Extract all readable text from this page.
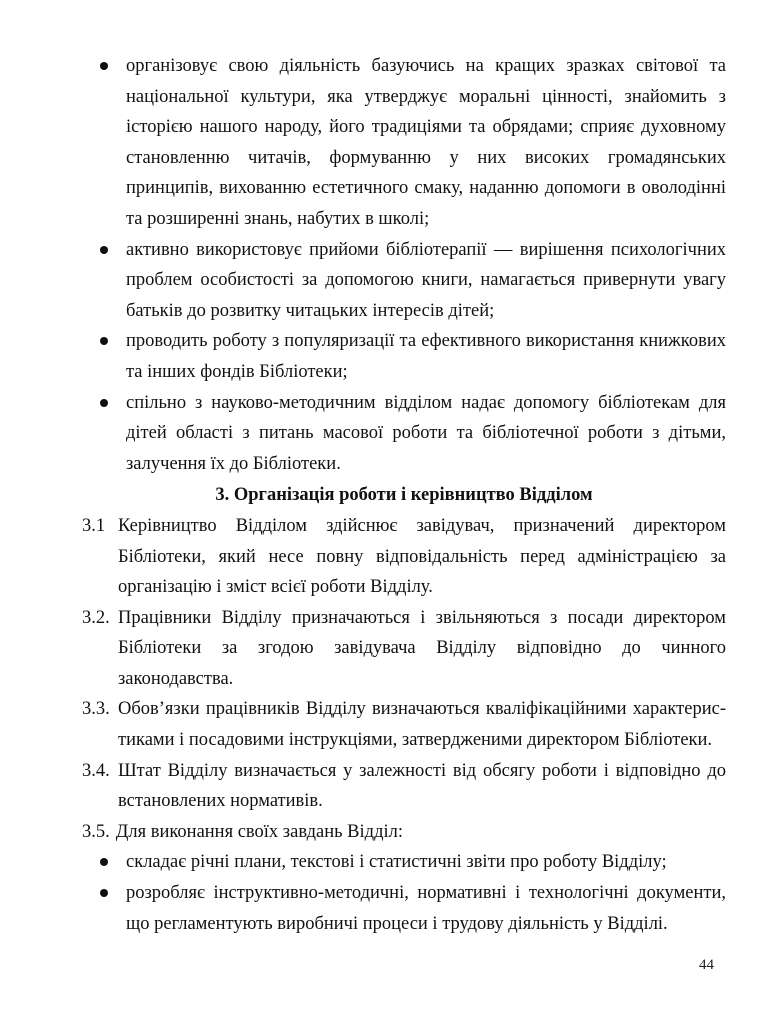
організовує свою діяльність базуючись на кращих зразках світової та національної культури, яка утверджує моральні цінності, знайомить з історією нашого народу, його традиціями та обрядами; сприяє духовному становленню читачів, формуванню у них високих громадянських принципів, вихованню естетичного смаку, наданню допомоги в оволодінні та розширенні знань, набутих в школі;
активно використовує прийоми бібліотерапії — вирішення психологічних проблем особистості за допомогою книги, намагається привернути увагу батьків до розвитку читацьких інтересів дітей;
проводить роботу з популяризації та ефективного використання книжкових та інших фондів Бібліотеки;
спільно з науково-методичним відділом надає допомогу бібліотекам для дітей області з питань масової роботи та бібліотечної роботи з дітьми, залучення їх до Бібліотеки.
3. Організація роботи і керівництво Відділом
3.1 Керівництво Відділом здійснює завідувач, призначений директором Бібліотеки, який несе повну відповідальність перед адміністрацією за організацію і зміст всієї роботи Відділу.
3.2. Працівники Відділу призначаються і звільняються з посади директором Бібліотеки за згодою завідувача Відділу відповідно до чинного законодавства.
3.3. Обов’язки працівників Відділу визначаються кваліфікаційними характерис-тиками і посадовими інструкціями, затвердженими директором Бібліотеки.
3.4. Штат Відділу визначається у залежності від обсягу роботи і відповідно до встановлених нормативів.
3.5. Для виконання своїх завдань Відділ:
складає річні плани, текстові і статистичні звіти про роботу Відділу;
розробляє інструктивно-методичні, нормативні і технологічні документи, що регламентують виробничі процеси і трудову діяльність у Відділі.
44
